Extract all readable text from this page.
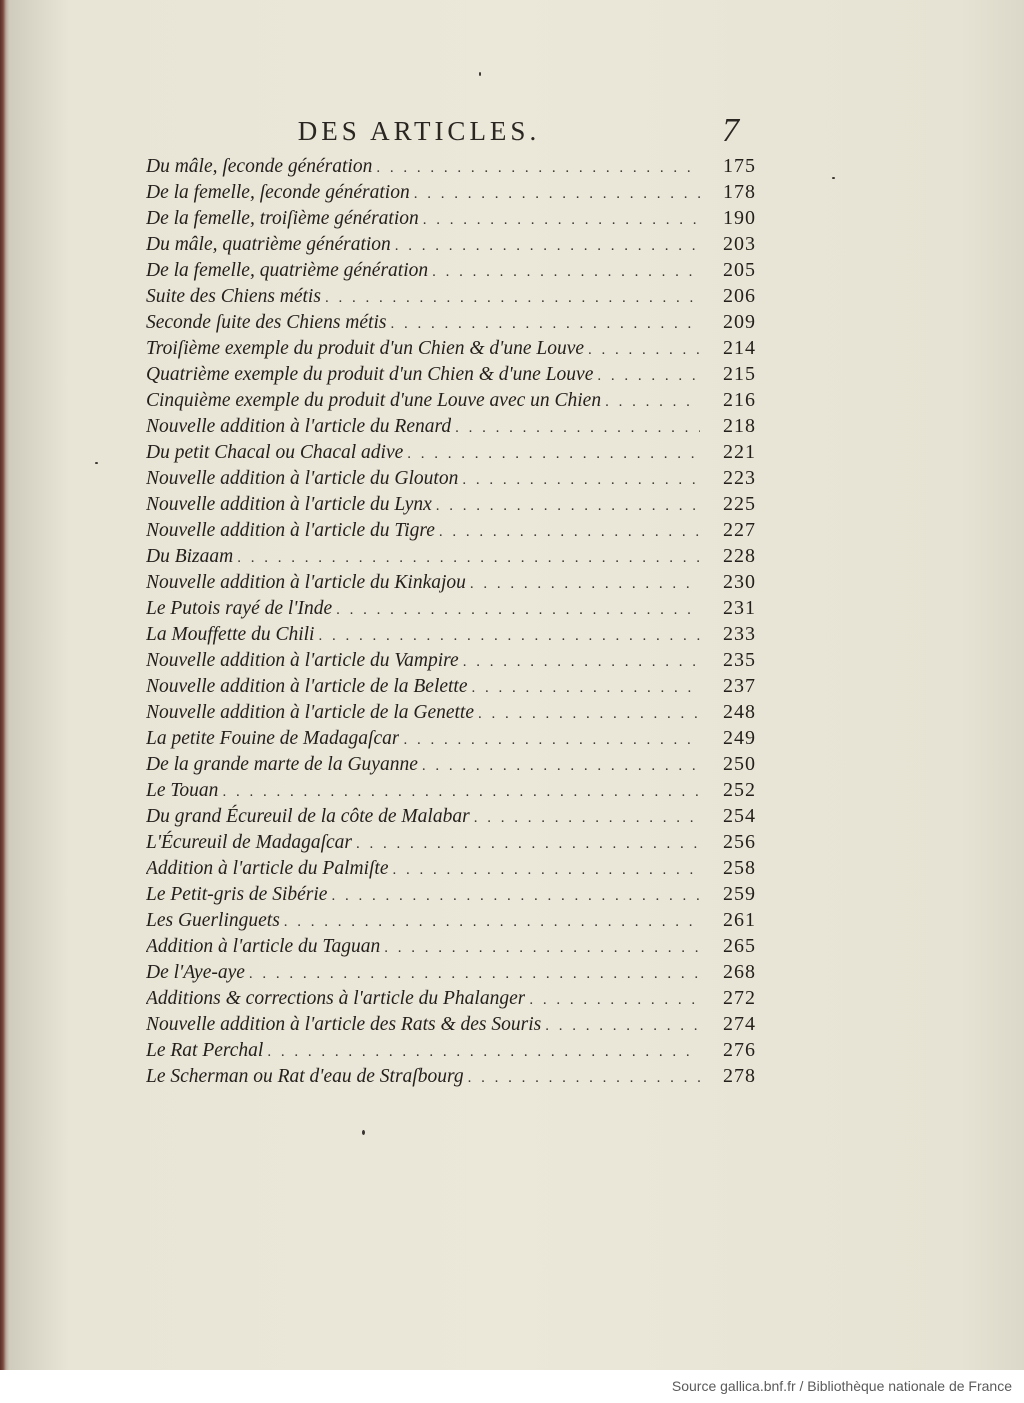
DES ARTICLES.	7
Du mâle, ſeconde génération . . .	175
De la femelle, ſeconde génération . . .	178
De la femelle, troiſième génération . . .	190
Du mâle, quatrième génération . . .	203
De la femelle, quatrième génération . . .	205
Suite des Chiens métis . . .	206
Seconde ſuite des Chiens métis . . .	209
Troiſième exemple du produit d'un Chien & d'une Louve . . .	214
Quatrième exemple du produit d'un Chien & d'une Louve . . .	215
Cinquième exemple du produit d'une Louve avec un Chien . . .	216
Nouvelle addition à l'article du Renard . . .	218
Du petit Chacal ou Chacal adive . . .	221
Nouvelle addition à l'article du Glouton . . .	223
Nouvelle addition à l'article du Lynx . . .	225
Nouvelle addition à l'article du Tigre . . .	227
Du Bizaam . . .	228
Nouvelle addition à l'article du Kinkajou . . .	230
Le Putois rayé de l'Inde . . .	231
La Mouffette du Chili . . .	233
Nouvelle addition à l'article du Vampire . . .	235
Nouvelle addition à l'article de la Belette . . .	237
Nouvelle addition à l'article de la Genette . . .	248
La petite Fouine de Madagaſcar . . .	249
De la grande marte de la Guyanne . . .	250
Le Touan . . .	252
Du grand Écureuil de la côte de Malabar . . .	254
L'Écureuil de Madagaſcar . . .	256
Addition à l'article du Palmiſte . . .	258
Le Petit-gris de Sibérie . . .	259
Les Guerlinguets . . .	261
Addition à l'article du Taguan . . .	265
De l'Aye-aye . . .	268
Additions & corrections à l'article du Phalanger . . .	272
Nouvelle addition à l'article des Rats & des Souris . . .	274
Le Rat Perchal . . .	276
Le Scherman ou Rat d'eau de Straſbourg . . .	278
Source gallica.bnf.fr / Bibliothèque nationale de France
